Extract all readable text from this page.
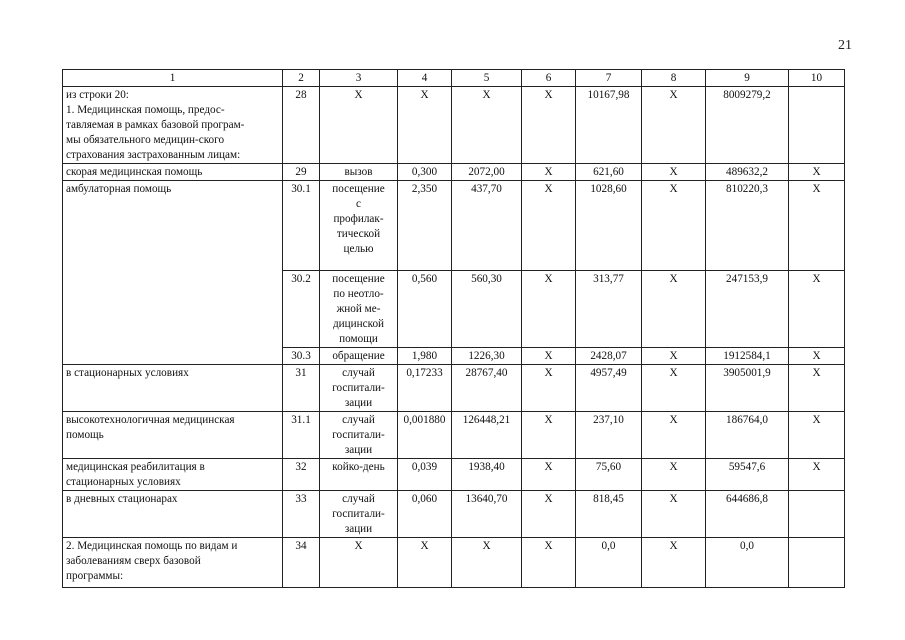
21
1	2	3	4	5	6	7	8	9	10

из строки 20:
1. Медицинская помощь, предос-
тавляемая в рамках базовой програм-
мы обязательного медицин-ского
страхования застрахованным лицам:	28	Х	Х	Х	Х	10167,98	Х	8009279,2	

скорая медицинская помощь	29	вызов	0,300	2072,00	Х	621,60	Х	489632,2	Х

амбулаторная помощь	30.1	посещение
с
профилак-
тической
целью	2,350	437,70	Х	1028,60	Х	810220,3	Х
	30.2	посещение
по неотло-
жной ме-
дицинской
помощи	0,560	560,30	Х	313,77	Х	247153,9	Х
	30.3	обращение	1,980	1226,30	Х	2428,07	Х	1912584,1	Х

в стационарных условиях	31	случай
госпитали-
зации	0,17233	28767,40	Х	4957,49	Х	3905001,9	Х

высокотехнологичная медицинская
помощь	31.1	случай
госпитали-
зации	0,001880	126448,21	Х	237,10	Х	186764,0	Х

медицинская реабилитация в
стационарных условиях	32	койко-день	0,039	1938,40	Х	75,60	Х	59547,6	Х

в дневных стационарах	33	случай
госпитали-
зации	0,060	13640,70	Х	818,45	Х	644686,8	

2. Медицинская помощь по видам и
заболеваниям сверх базовой
программы:	34	Х	Х	Х	Х	0,0	Х	0,0	
